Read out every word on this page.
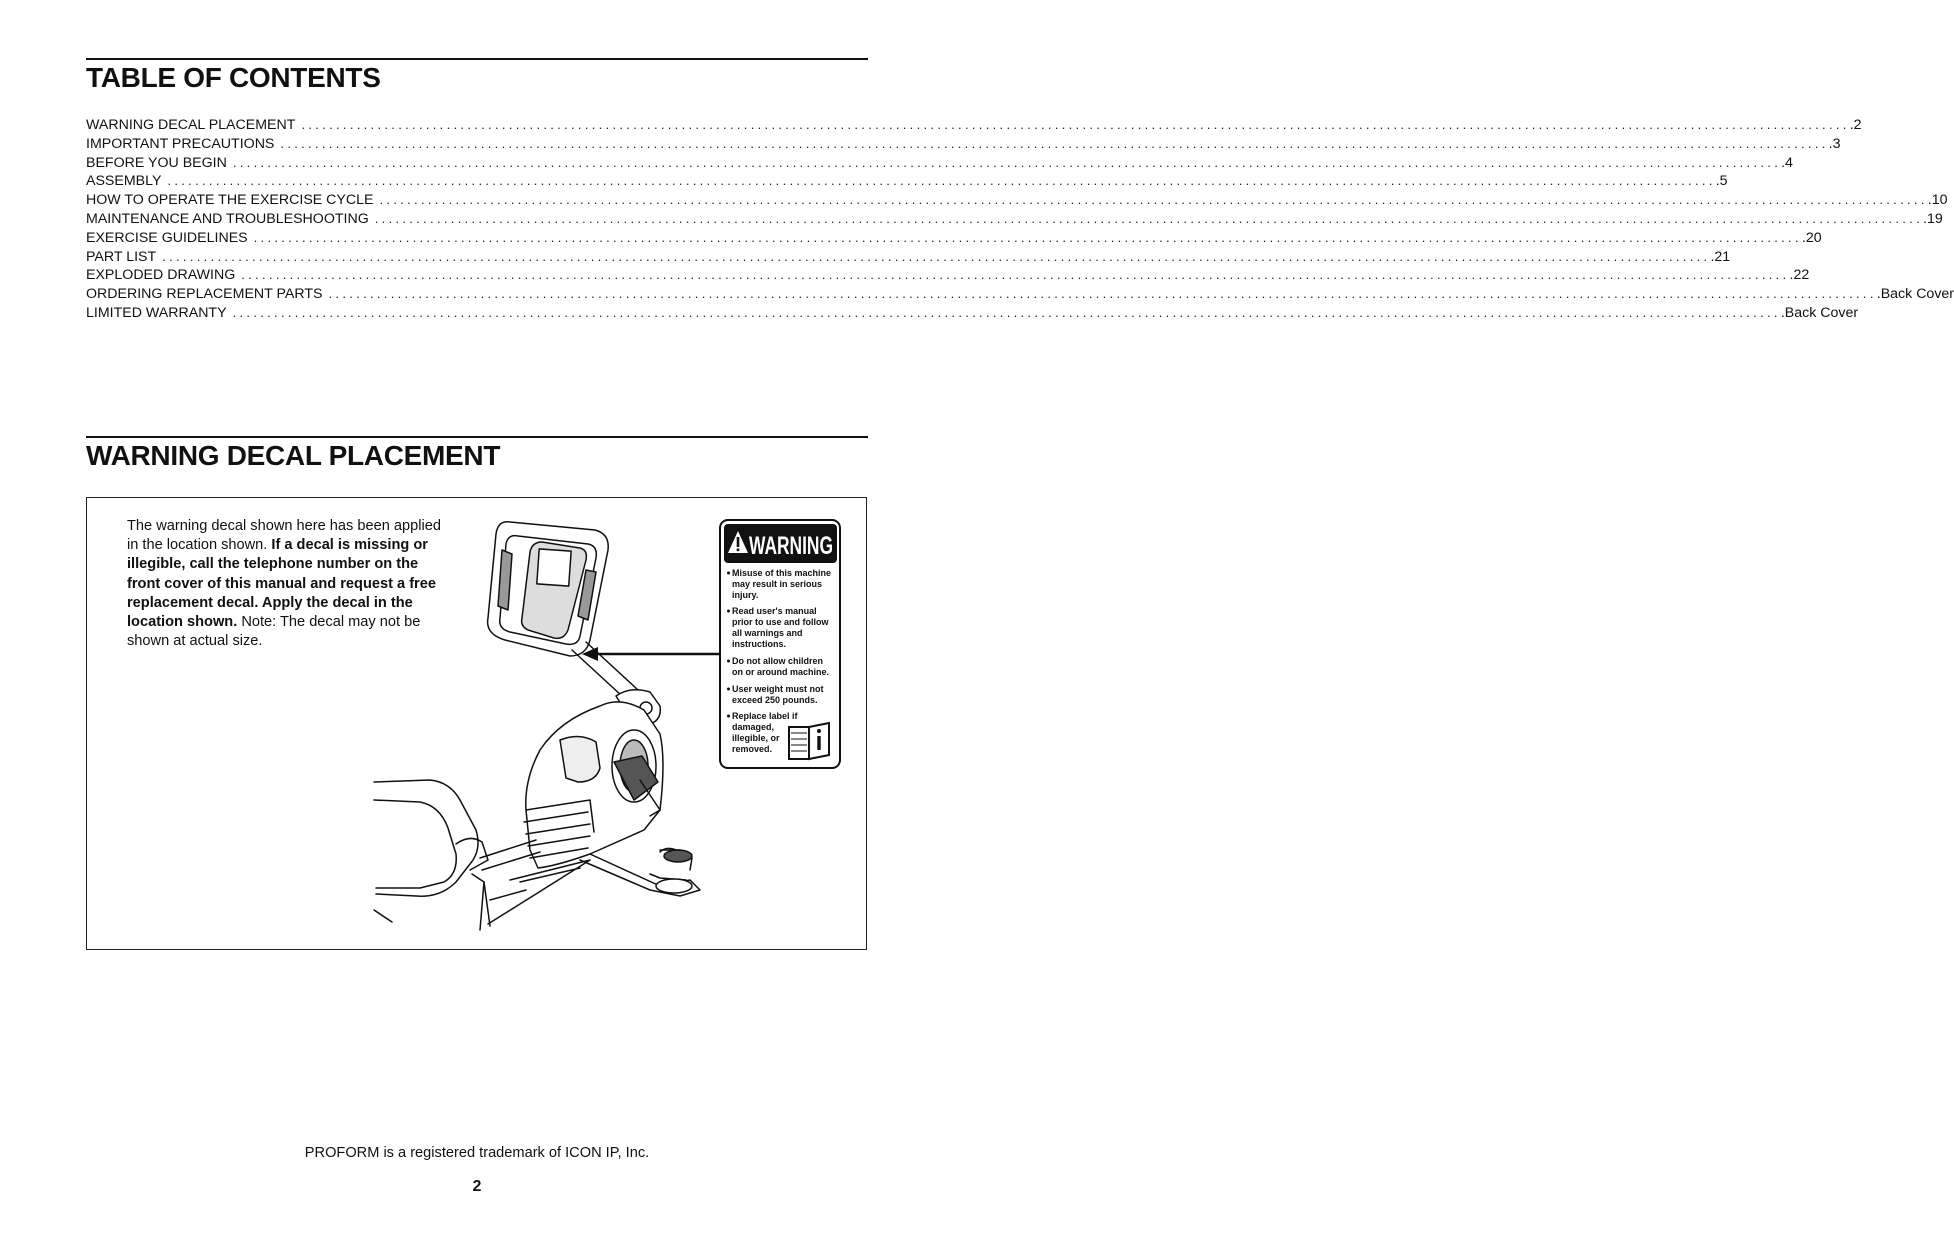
TABLE OF CONTENTS
WARNING DECAL PLACEMENT .....	.2
IMPORTANT PRECAUTIONS .....	.3
BEFORE YOU BEGIN .....	.4
ASSEMBLY .....	.5
HOW TO OPERATE THE EXERCISE CYCLE .....	.10
MAINTENANCE AND TROUBLESHOOTING .....	.19
EXERCISE GUIDELINES .....	.20
PART LIST .....	.21
EXPLODED DRAWING .....	.22
ORDERING REPLACEMENT PARTS .....	.Back Cover
LIMITED WARRANTY .....	.Back Cover
WARNING DECAL PLACEMENT
The warning decal shown here has been applied in the location shown. If a decal is missing or illegible, call the telephone number on the front cover of this manual and request a free replacement decal. Apply the decal in the location shown. Note: The decal may not be shown at actual size.
WARNING
Misuse of this machine
may result in serious
injury.
Read user's manual
prior to use and follow
all warnings and
instructions.
Do not allow children
on or around machine.
User weight must not
exceed 250 pounds.
Replace label if
damaged,
illegible, or
removed.
PROFORM is a registered trademark of ICON IP, Inc.
2
